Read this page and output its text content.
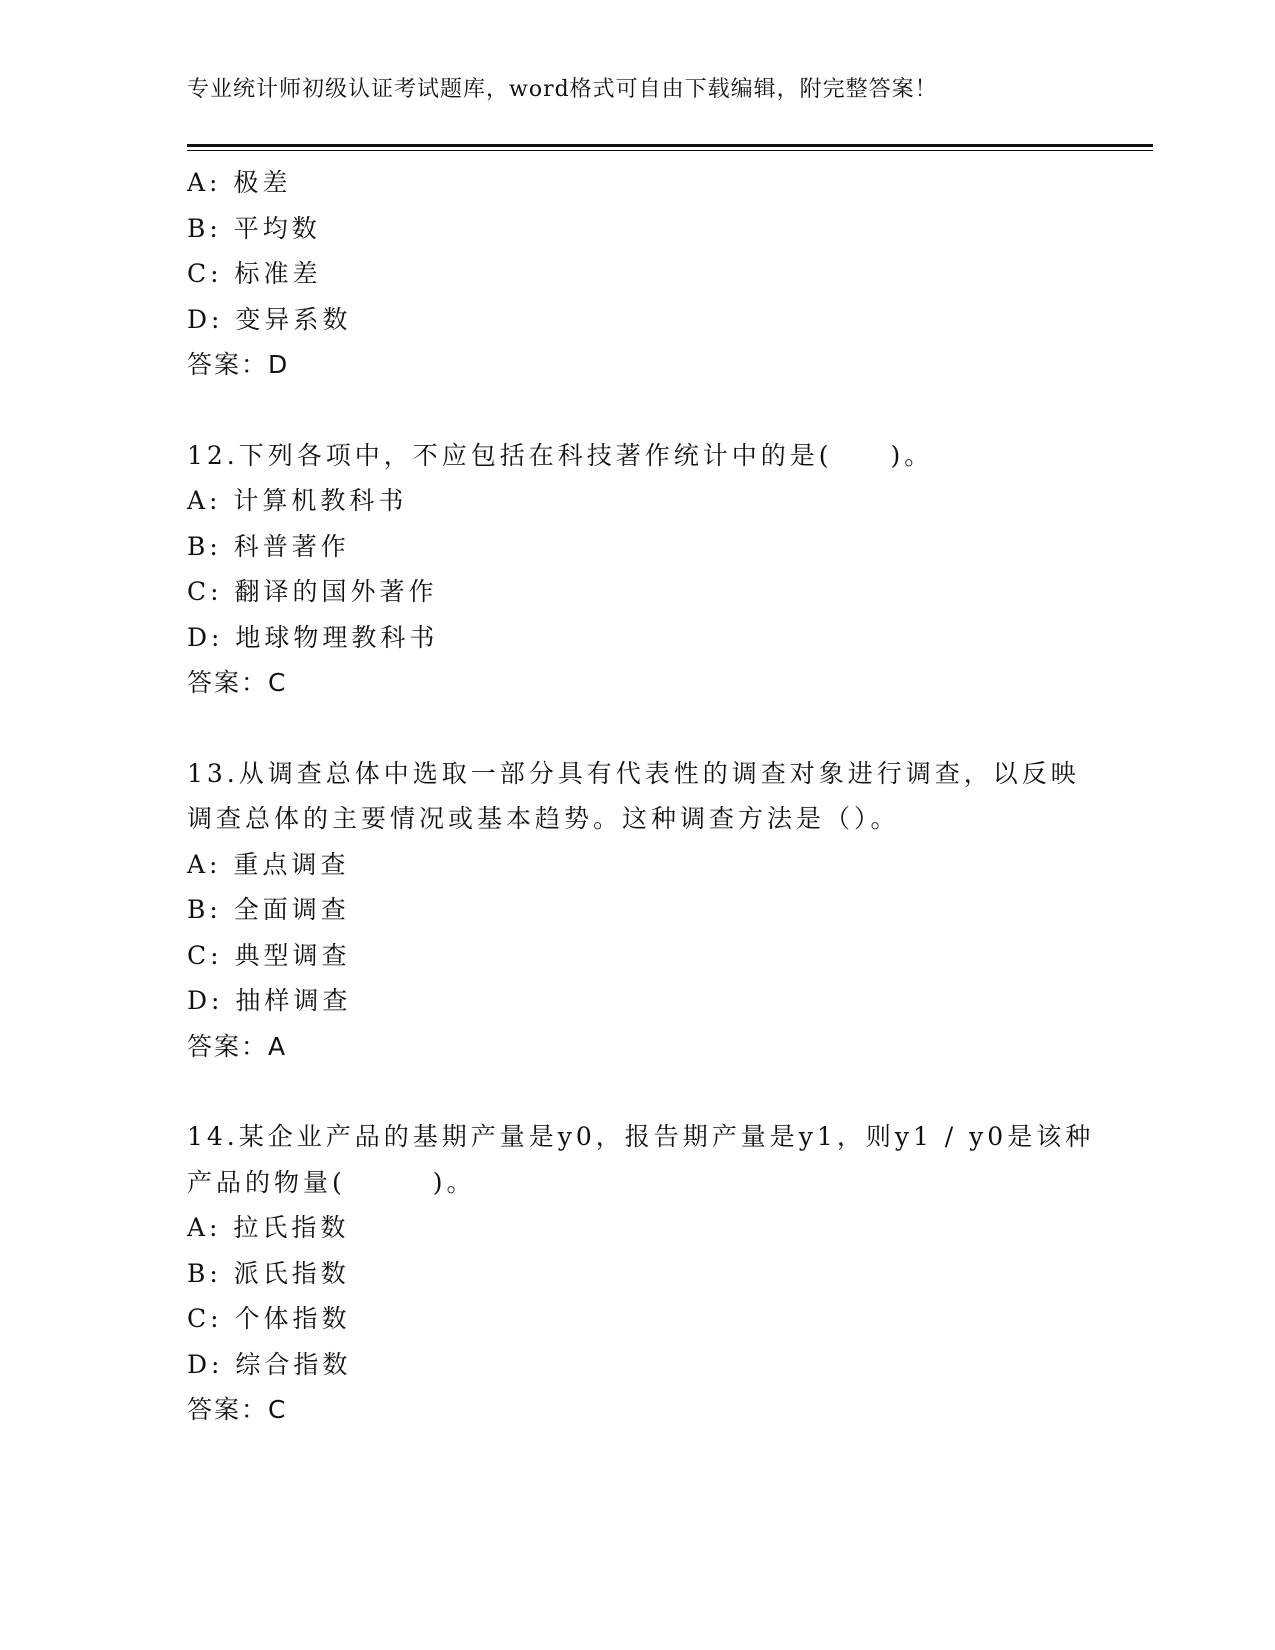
专业统计师初级认证考试题库，word格式可自由下载编辑，附完整答案！
A: 极差
B: 平均数
C: 标准差
D: 变异系数
答案：D
12.下列各项中，不应包括在科技著作统计中的是(　　)。
A: 计算机教科书
B: 科普著作
C: 翻译的国外著作
D: 地球物理教科书
答案：C
13.从调查总体中选取一部分具有代表性的调查对象进行调查，以反映
调查总体的主要情况或基本趋势。这种调查方法是（）。
A: 重点调查
B: 全面调查
C: 典型调查
D: 抽样调查
答案：A
14.某企业产品的基期产量是y0，报告期产量是y1，则y1 / y0是该种
产品的物量(　　　)。
A: 拉氏指数
B: 派氏指数
C: 个体指数
D: 综合指数
答案：C
